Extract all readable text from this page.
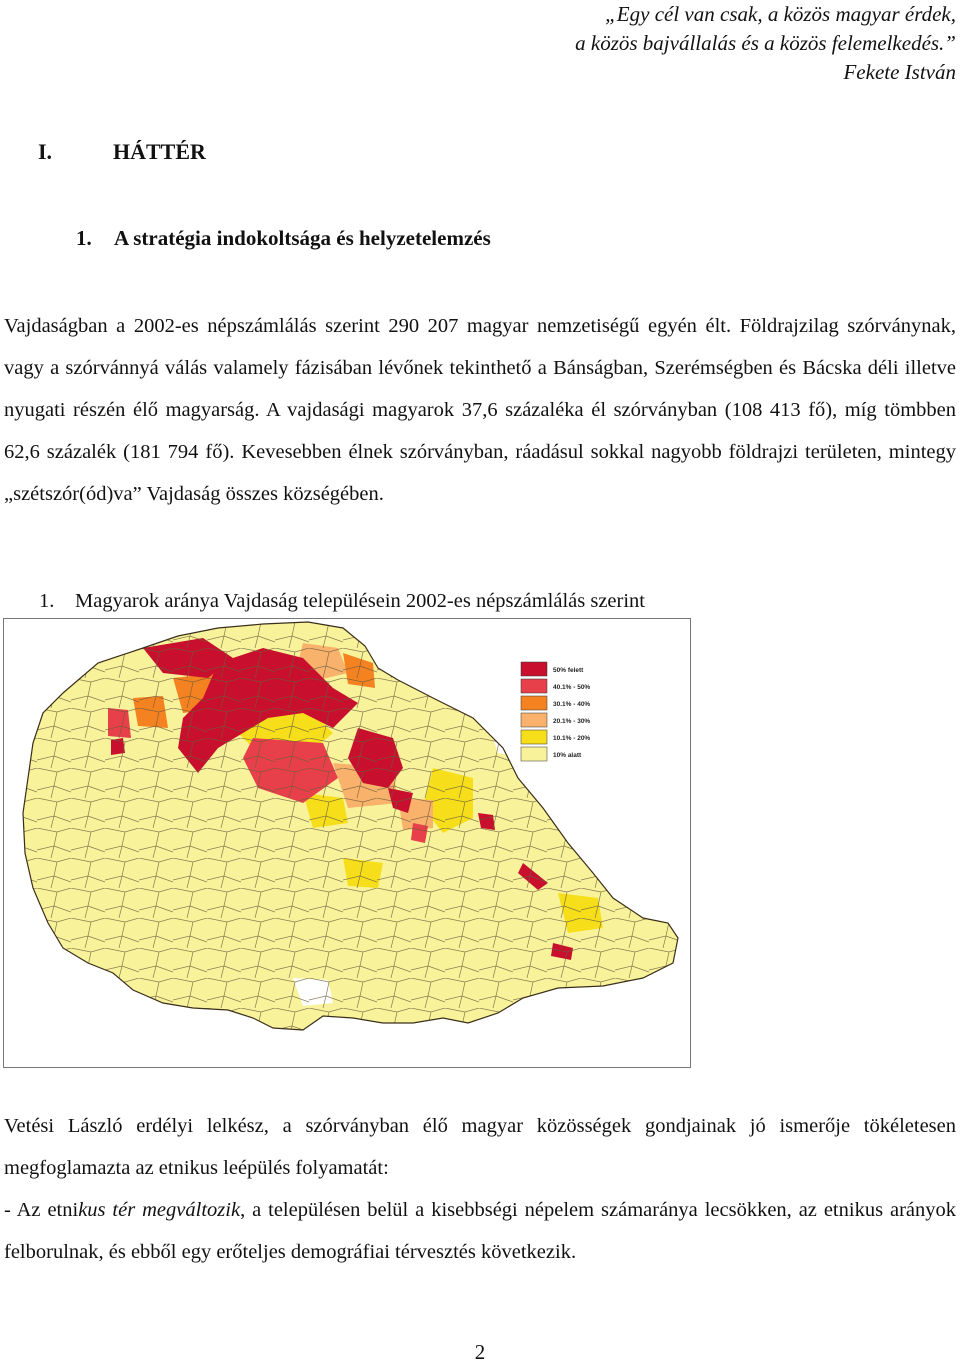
„Egy cél van csak, a közös magyar érdek,
a közös bajvállalás és a közös felemelkedés.”
Fekete István
I.	HÁTTÉR
1. A stratégia indokoltsága és helyzetelemzés
Vajdaságban a 2002-es népszámlálás szerint 290 207 magyar nemzetiségű egyén élt. Földrajzilag szórványnak, vagy a szórvánnyá válás valamely fázisában lévőnek tekinthető a Bánságban, Szerémségben és Bácska déli illetve nyugati részén élő magyarság. A vajdasági magyarok 37,6 százaléka él szórványban (108 413 fő), míg tömbben 62,6 százalék (181 794 fő). Kevesebben élnek szórványban, ráadásul sokkal nagyobb földrajzi területen, mintegy „szétszór(ód)va” Vajdaság összes községében.
1. Magyarok aránya Vajdaság településein 2002-es népszámlálás szerint
50% felett
40.1% - 50%
30.1% - 40%
20.1% - 30%
10.1% - 20%
10% alatt
Vetési László erdélyi lelkész, a szórványban élő magyar közösségek gondjainak jó ismerője tökéletesen megfoglamazta az etnikus leépülés folyamatát:
- Az etnikus tér megváltozik, a településen belül a kisebbségi népelem számaránya lecsökken, az etnikus arányok felborulnak, és ebből egy erőteljes demográfiai térvesztés következik.
2
